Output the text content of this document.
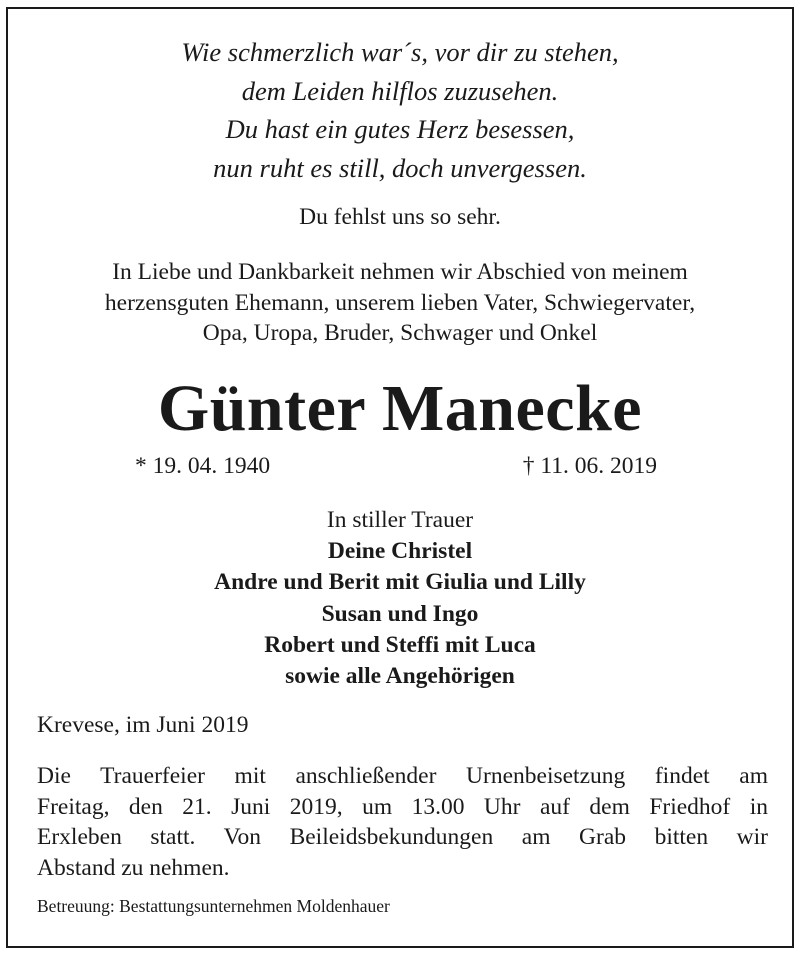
Wie schmerzlich war´s, vor dir zu stehen,
dem Leiden hilflos zuzusehen.
Du hast ein gutes Herz besessen,
nun ruht es still, doch unvergessen.
Du fehlst uns so sehr.
In Liebe und Dankbarkeit nehmen wir Abschied von meinem
herzensguten Ehemann, unserem lieben Vater, Schwiegervater,
Opa, Uropa, Bruder, Schwager und Onkel
Günter Manecke
* 19. 04. 1940	† 11. 06. 2019
In stiller Trauer
Deine Christel
Andre und Berit mit Giulia und Lilly
Susan und Ingo
Robert und Steffi mit Luca
sowie alle Angehörigen
Krevese, im Juni 2019
Die Trauerfeier mit anschließender Urnenbeisetzung findet am
Freitag, den 21. Juni 2019, um 13.00 Uhr auf dem Friedhof in
Erxleben statt. Von Beileidsbekundungen am Grab bitten wir
Abstand zu nehmen.
Betreuung: Bestattungsunternehmen Moldenhauer
